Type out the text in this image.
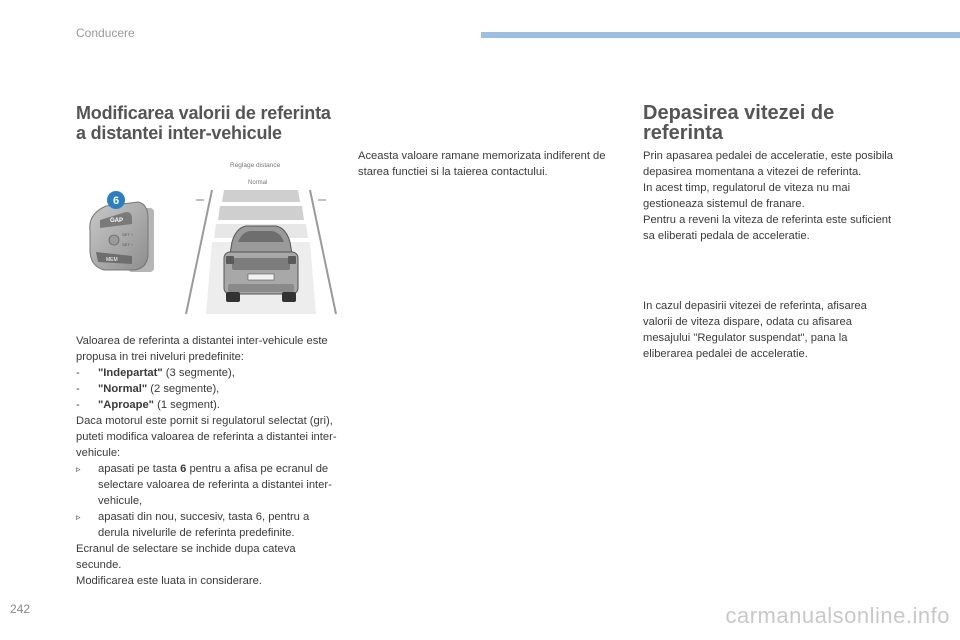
Conducere
Modificarea valorii de referinta
a distantei inter-vehicule
GAP
SET +
SET −
MEM
6
Réglage distance
Normal

Valoarea de referinta a distantei inter-vehicule este propusa in trei niveluri predefinite:

-	"Indepartat" (3 segmente),
-	"Normal" (2 segmente),
-	"Aproape" (1 segment).

Daca motorul este pornit si regulatorul selectat (gri), puteti modifica valoarea de referinta a distantei inter-vehicule:

▹	apasati pe tasta 6 pentru a afisa pe ecranul de selectare valoarea de referinta a distantei inter-vehicule,
▹	apasati din nou, succesiv, tasta 6, pentru a derula nivelurile de referinta predefinite.

Ecranul de selectare se inchide dupa cateva secunde.

Modificarea este luata in considerare.

Aceasta valoare ramane memorizata indiferent de starea functiei si la taierea contactului.

Depasirea vitezei de
referinta

Prin apasarea pedalei de acceleratie, este posibila depasirea momentana a vitezei de referinta.

In acest timp, regulatorul de viteza nu mai gestioneaza sistemul de franare.

Pentru a reveni la viteza de referinta este suficient sa eliberati pedala de acceleratie.

In cazul depasirii vitezei de referinta, afisarea valorii de viteza dispare, odata cu afisarea mesajului "Regulator suspendat", pana la eliberarea pedalei de acceleratie.

242	carmanualsonline.info
